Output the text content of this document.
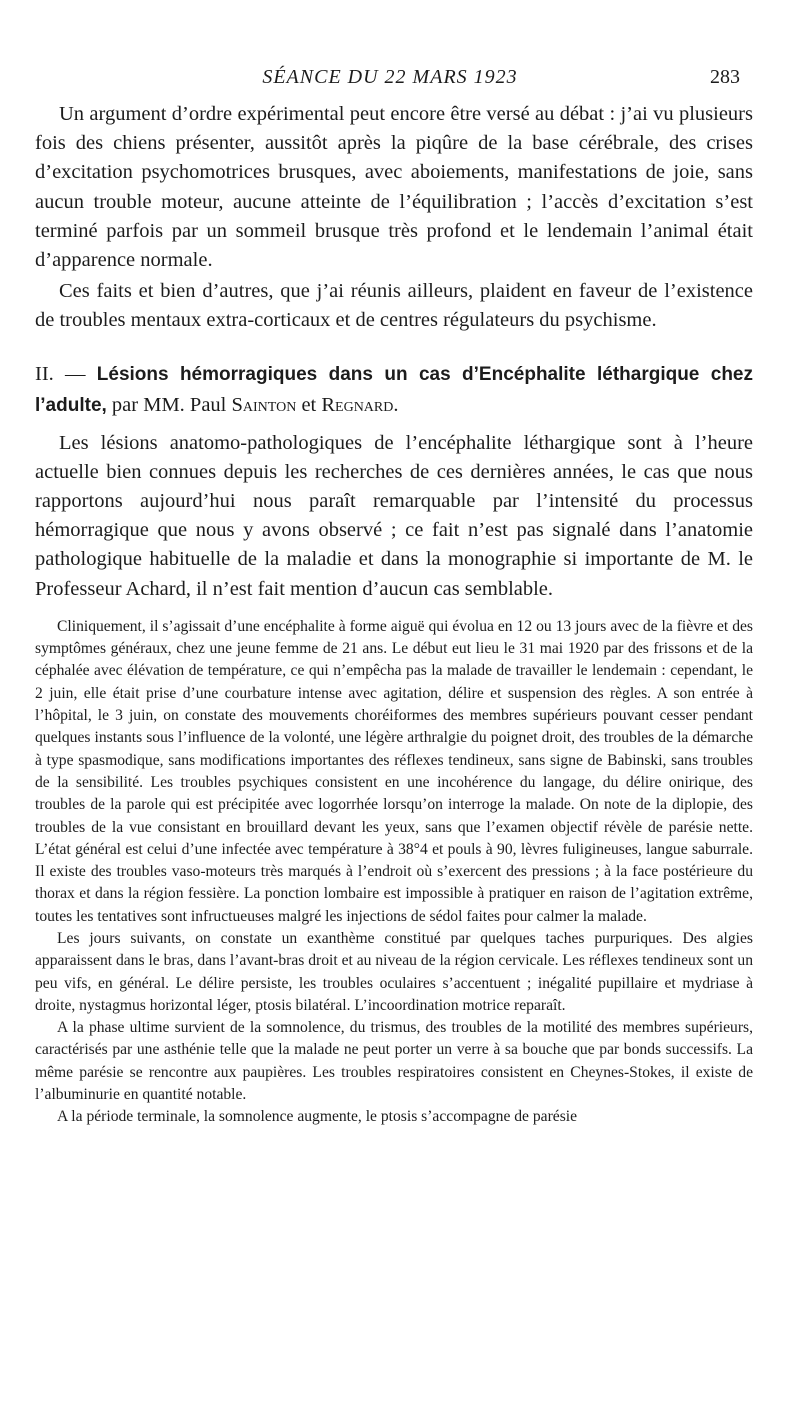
SÉANCE DU 22 MARS 1923	283

Un argument d’ordre expérimental peut encore être versé au débat : j’ai vu plusieurs fois des chiens présenter, aussitôt après la piqûre de la base cérébrale, des crises d’excitation psychomotrices brusques, avec aboiements, manifestations de joie, sans aucun trouble moteur, aucune atteinte de l’équilibration ; l’accès d’excitation s’est terminé parfois par un sommeil brusque très profond et le lendemain l’animal était d’apparence normale.

Ces faits et bien d’autres, que j’ai réunis ailleurs, plaident en faveur de l’existence de troubles mentaux extra-corticaux et de centres régulateurs du psychisme.

II. — Lésions hémorragiques dans un cas d’Encéphalite léthargique chez l’adulte, par MM. Paul Sainton et Regnard.

Les lésions anatomo-pathologiques de l’encéphalite léthargique sont à l’heure actuelle bien connues depuis les recherches de ces dernières années, le cas que nous rapportons aujourd’hui nous paraît remarquable par l’intensité du processus hémorragique que nous y avons observé ; ce fait n’est pas signalé dans l’anatomie pathologique habituelle de la maladie et dans la monographie si importante de M. le Professeur Achard, il n’est fait mention d’aucun cas semblable.

Cliniquement, il s’agissait d’une encéphalite à forme aiguë qui évolua en 12 ou 13 jours avec de la fièvre et des symptômes généraux, chez une jeune femme de 21 ans. Le début eut lieu le 31 mai 1920 par des frissons et de la céphalée avec élévation de température, ce qui n’empêcha pas la malade de travailler le lendemain : cependant, le 2 juin, elle était prise d’une courbature intense avec agitation, délire et suspension des règles. A son entrée à l’hôpital, le 3 juin, on constate des mouvements choréiformes des membres supérieurs pouvant cesser pendant quelques instants sous l’influence de la volonté, une légère arthralgie du poignet droit, des troubles de la démarche à type spasmodique, sans modifications importantes des réflexes tendineux, sans signe de Babinski, sans troubles de la sensibilité. Les troubles psychiques consistent en une incohérence du langage, du délire onirique, des troubles de la parole qui est précipitée avec logorrhée lorsqu’on interroge la malade. On note de la diplopie, des troubles de la vue consistant en brouillard devant les yeux, sans que l’examen objectif révèle de parésie nette. L’état général est celui d’une infectée avec température à 38°4 et pouls à 90, lèvres fuligineuses, langue saburrale. Il existe des troubles vaso-moteurs très marqués à l’endroit où s’exercent des pressions ; à la face postérieure du thorax et dans la région fessière. La ponction lombaire est impossible à pratiquer en raison de l’agitation extrême, toutes les tentatives sont infructueuses malgré les injections de sédol faites pour calmer la malade.

Les jours suivants, on constate un exanthème constitué par quelques taches purpuriques. Des algies apparaissent dans le bras, dans l’avant-bras droit et au niveau de la région cervicale. Les réflexes tendineux sont un peu vifs, en général. Le délire persiste, les troubles oculaires s’accentuent ; inégalité pupillaire et mydriase à droite, nystagmus horizontal léger, ptosis bilatéral. L’incoordination motrice reparaît.

A la phase ultime survient de la somnolence, du trismus, des troubles de la motilité des membres supérieurs, caractérisés par une asthénie telle que la malade ne peut porter un verre à sa bouche que par bonds successifs. La même parésie se rencontre aux paupières. Les troubles respiratoires consistent en Cheynes-Stokes, il existe de l’albuminurie en quantité notable.

A la période terminale, la somnolence augmente, le ptosis s’accompagne de parésie
